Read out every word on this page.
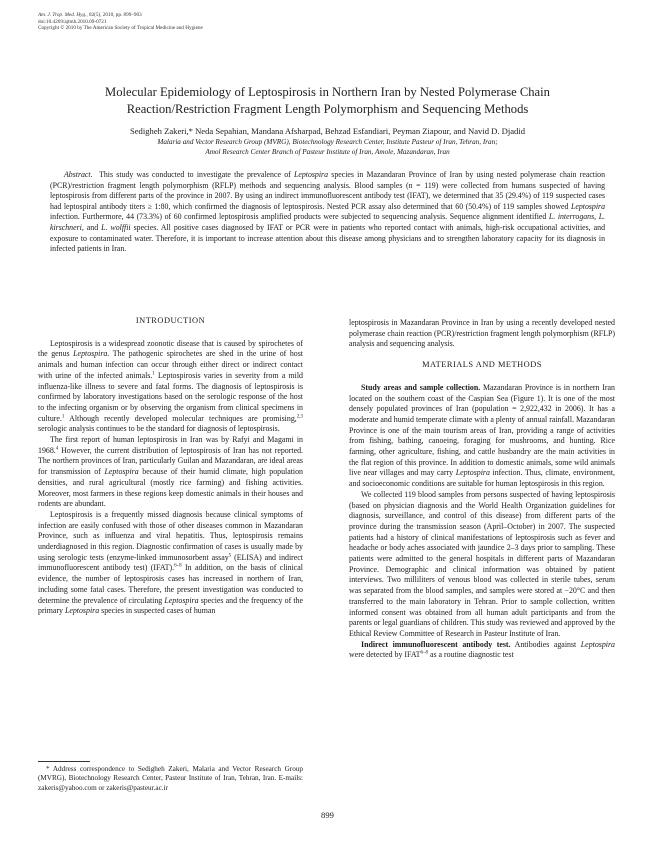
Am. J. Trop. Med. Hyg., 82(5), 2010, pp. 899–903
doi:10.4269/ajtmh.2010.09-0721
Copyright © 2010 by The American Society of Tropical Medicine and Hygiene
Molecular Epidemiology of Leptospirosis in Northern Iran by Nested Polymerase Chain
Reaction/Restriction Fragment Length Polymorphism and Sequencing Methods
Sedigheh Zakeri,* Neda Sepahian, Mandana Afsharpad, Behzad Esfandiari, Peyman Ziapour, and Navid D. Djadid
Malaria and Vector Research Group (MVRG), Biotechnology Research Center, Institute Pasteur of Iran, Tehran, Iran;
Amol Research Center Branch of Pasteur Institute of Iran, Amole, Mazandaran, Iran
Abstract. This study was conducted to investigate the prevalence of Leptospira species in Mazandaran Province of Iran by using nested polymerase chain reaction (PCR)/restriction fragment length polymorphism (RFLP) methods and sequencing analysis. Blood samples (n = 119) were collected from humans suspected of having leptospirosis from different parts of the province in 2007. By using an indirect immunofluorescent antibody test (IFAT), we determined that 35 (29.4%) of 119 suspected cases had leptospiral antibody titers ≥ 1:80, which confirmed the diagnosis of leptospirosis. Nested PCR assay also determined that 60 (50.4%) of 119 samples showed Leptospira infection. Furthermore, 44 (73.3%) of 60 confirmed leptospirosis amplified products were subjected to sequencing analysis. Sequence alignment identified L. interrogans, L. kirschneri, and L. wolffii species. All positive cases diagnosed by IFAT or PCR were in patients who reported contact with animals, high-risk occupational activities, and exposure to contaminated water. Therefore, it is important to increase attention about this disease among physicians and to strengthen laboratory capacity for its diagnosis in infected patients in Iran.
INTRODUCTION

Leptospirosis is a widespread zoonotic disease that is caused by spirochetes of the genus Leptospira. The pathogenic spirochetes are shed in the urine of host animals and human infection can occur through either direct or indirect contact with urine of the infected animals.$^1$ Leptospirosis varies in severity from a mild influenza-like illness to severe and fatal forms. The diagnosis of leptospirosis is confirmed by laboratory investigations based on the serologic response of the host to the infecting organism or by observing the organism from clinical specimens in culture.$^1$ Although recently developed molecular techniques are promising,$^{2,3}$ serologic analysis continues to be the standard for diagnosis of leptospirosis.

The first report of human leptospirosis in Iran was by Rafyi and Magami in 1968.$^4$ However, the current distribution of leptospirosis of Iran has not reported. The northern provinces of Iran, particularly Guilan and Mazandaran, are ideal areas for transmission of Leptospira because of their humid climate, high population densities, and rural agricultural (mostly rice farming) and fishing activities. Moreover, most farmers in these regions keep domestic animals in their houses and rodents are abundant.

Leptospirosis is a frequently missed diagnosis because clinical symptoms of infection are easily confused with those of other diseases common in Mazandaran Province, such as influenza and viral hepatitis. Thus, leptospirosis remains underdiagnosed in this region. Diagnostic confirmation of cases is usually made by using serologic tests (enzyme-linked immunosorbent assay$^5$ (ELISA) and indirect immunofluorescent antibody test) (IFAT).$^{6-8}$ In addition, on the basis of clinical evidence, the number of leptospirosis cases has increased in northern of Iran, including some fatal cases. Therefore, the present investigation was conducted to determine the prevalence of circulating Leptospira species and the frequency of the primary Leptospira species in suspected cases of human

* Address correspondence to Sedigheh Zakeri, Malaria and Vector Research Group (MVRG), Biotechnology Research Center, Pasteur Institute of Iran, Tehran, Iran. E-mails: zakeris@yahoo.com or zakeris@pasteur.ac.ir

leptospirosis in Mazandaran Province in Iran by using a recently developed nested polymerase chain reaction (PCR)/restriction fragment length polymorphism (RFLP) analysis and sequencing analysis.

MATERIALS AND METHODS

Study areas and sample collection. Mazandaran Province is in northern Iran located on the southern coast of the Caspian Sea (Figure 1). It is one of the most densely populated provinces of Iran (population = 2,922,432 in 2006). It has a moderate and humid temperate climate with a plenty of annual rainfall. Mazandaran Province is one of the main tourism areas of Iran, providing a range of activities from fishing, bathing, canoeing, foraging for mushrooms, and hunting. Rice farming, other agriculture, fishing, and cattle husbandry are the main activities in the flat region of this province. In addition to domestic animals, some wild animals live near villages and may carry Leptospira infection. Thus, climate, environment, and socioeconomic conditions are suitable for human leptospirosis in this region.

We collected 119 blood samples from persons suspected of having leptospirosis (based on physician diagnosis and the World Health Organization guidelines for diagnosis, surveillance, and control of this disease) from different parts of the province during the transmission season (April–October) in 2007. The suspected patients had a history of clinical manifestations of leptospirosis such as fever and headache or body aches associated with jaundice 2–3 days prior to sampling. These patients were admitted to the general hospitals in different parts of Mazandaran Province. Demographic and clinical information was obtained by patient interviews. Two milliliters of venous blood was collected in sterile tubes, serum was separated from the blood samples, and samples were stored at −20°C and then transferred to the main laboratory in Tehran. Prior to sample collection, written informed consent was obtained from all human adult participants and from the parents or legal guardians of children. This study was reviewed and approved by the Ethical Review Committee of Research in Pasteur Institute of Iran.

Indirect immunofluorescent antibody test. Antibodies against Leptospira were detected by IFAT$^{6-8}$ as a routine diagnostic test

899
